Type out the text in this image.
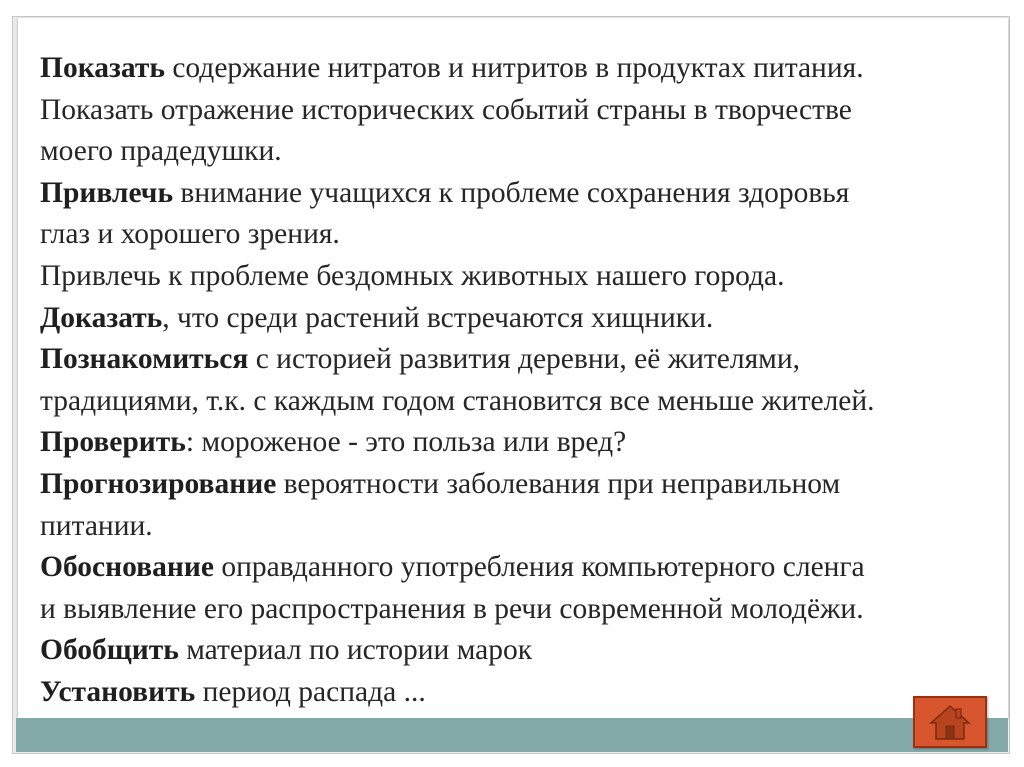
Показать содержание нитратов и нитритов в продуктах питания.
Показать отражение исторических событий страны в творчестве
моего прадедушки.
Привлечь внимание учащихся к проблеме сохранения здоровья
глаз и хорошего зрения.
Привлечь к проблеме бездомных животных нашего города.
Доказать, что среди растений встречаются хищники.
Познакомиться с историей развития деревни, её жителями,
традициями, т.к. с каждым годом становится все меньше жителей.
Проверить: мороженое - это польза или вред?
Прогнозирование вероятности заболевания при неправильном
питании.
Обоснование оправданного употребления компьютерного сленга
и выявление его распространения в речи современной молодёжи.
Обобщить материал по истории марок
Установить период распада ...
